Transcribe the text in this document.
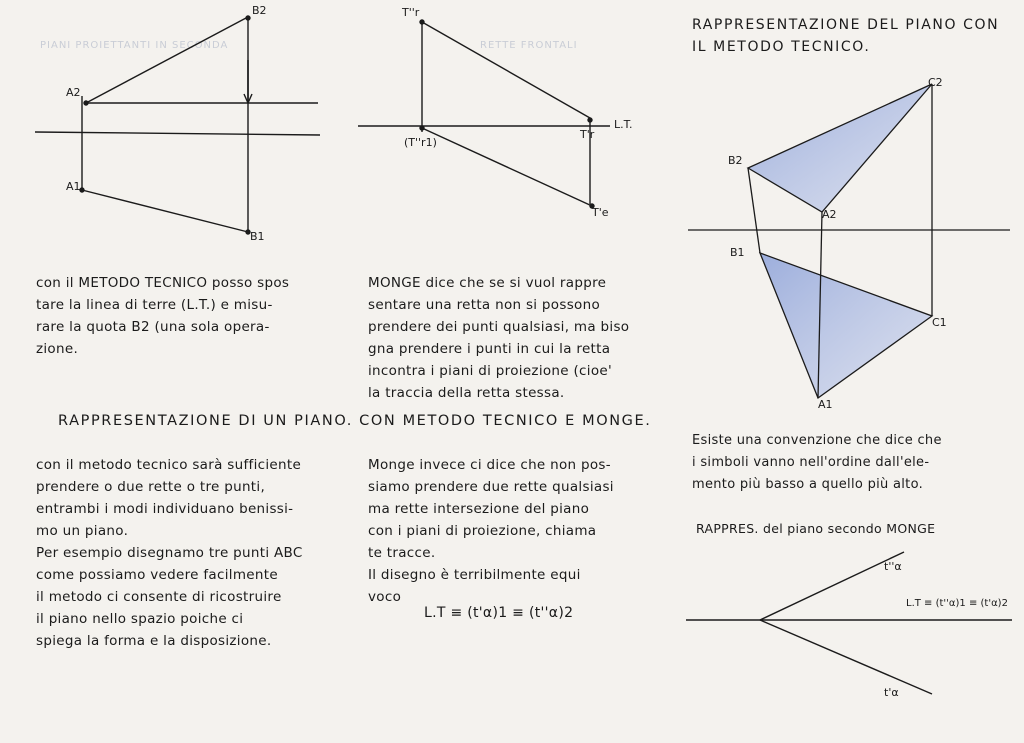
PIANI PROIETTANTI IN SECONDA	RETTE FRONTALI
B2
A2
A1
B1
con il METODO TECNICO posso spos
tare la linea di terre (L.T.) e misu-
rare la quota B2 (una sola opera-
zione.
T''r
T'r
L.T.
(T''r1)
T'e
MONGE dice che se si vuol rappre
sentare una retta non si possono
prendere dei punti qualsiasi, ma biso
gna prendere i punti in cui la retta
incontra i piani di proiezione (cioe'
la traccia della retta stessa.
RAPPRESENTAZIONE DEL PIANO CON
IL METODO TECNICO.
C2
B2
A2
B1
C1
A1
Esiste una convenzione che dice che
i simboli vanno nell'ordine dall'ele-
mento più basso a quello più alto.
RAPPRES. del piano secondo MONGE
t''α
t'α
L.T ≡ (t''α)1 ≡ (t'α)2
RAPPRESENTAZIONE DI UN PIANO. CON METODO TECNICO E MONGE.
con il metodo tecnico sarà sufficiente
prendere o due rette o tre punti,
entrambi i modi individuano benissi-
mo un piano.
Per esempio disegnamo tre punti ABC
come possiamo vedere facilmente
il metodo ci consente di ricostruire
il piano nello spazio poiche ci
spiega la forma e la disposizione.
Monge invece ci dice che non pos-
siamo prendere due rette qualsiasi
ma rette intersezione del piano
con i piani di proiezione, chiama
te tracce.
Il disegno è terribilmente equi
voco
L.T ≡ (t'α)1 ≡ (t''α)2
